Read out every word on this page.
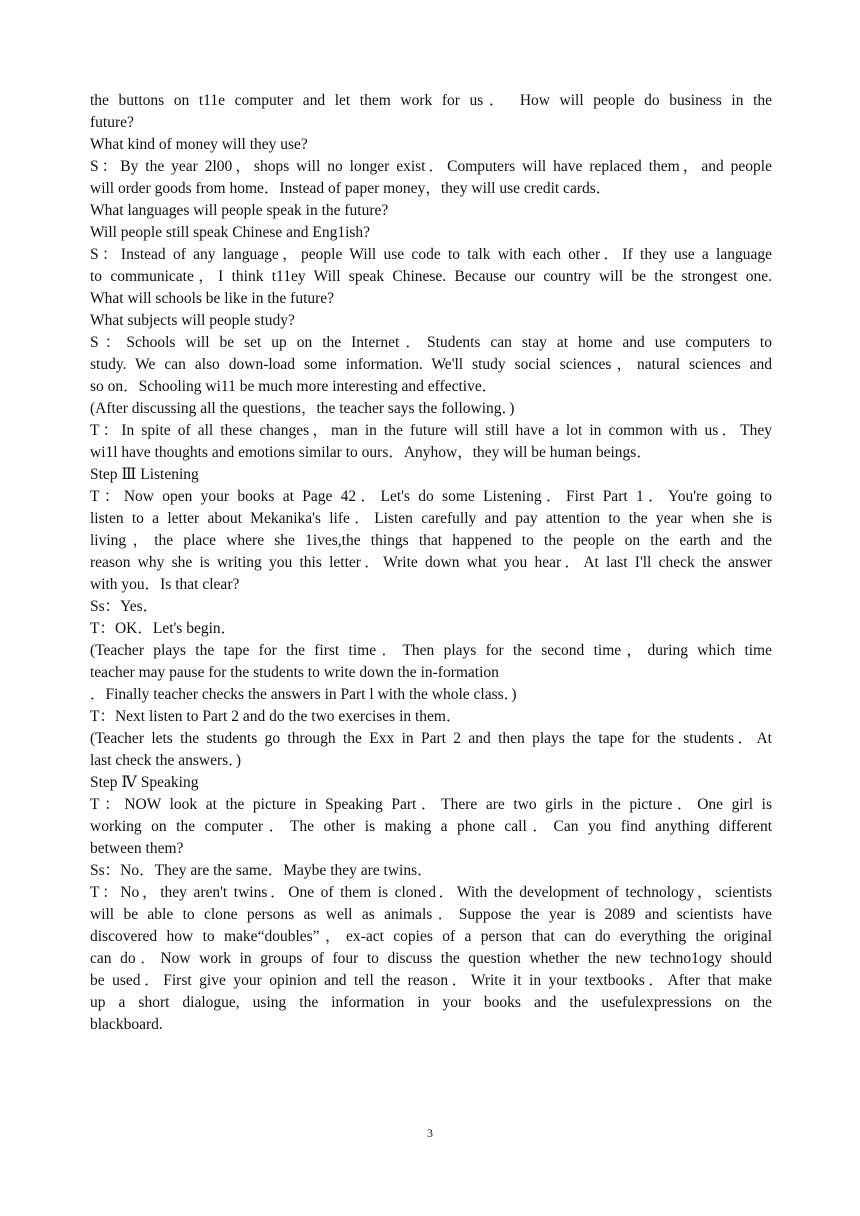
the buttons on t11e computer and let them work for us． How will people do business in the
future?
What kind of money will they use?
S：By the year 2l00，shops will no longer exist．Computers will have replaced them，and people
will order goods from home．Instead of paper money，they will use credit cards．
What languages will people speak in the future?
Will people still speak Chinese and Eng1ish?
S：Instead of any language，people Will use code to talk with each other．If they use a language
to communicate，I think t11ey Will speak Chinese. Because our country will be the strongest one.
What will schools be like in the future?
What subjects will people study?
S：Schools will be set up on the Internet．Students can stay at home and use computers to
study. We can also down-load some information. We'll study social sciences，natural sciences and
so on．Schooling wi11 be much more interesting and effective．
(After discussing all the questions，the teacher says the following．)
T：In spite of all these changes，man in the future will still have a lot in common with us．They
wi1l have thoughts and emotions similar to ours．Anyhow，they will be human beings．
Step Ⅲ Listening
T：Now open your books at Page 42．Let's do some Listening．First Part 1．You're going to
listen to a letter about Mekanika's life．Listen carefully and pay attention to the year when she is
living，the place where she 1ives,the things that happened to the people on the earth and the
reason why she is writing you this letter．Write down what you hear．At last I'll check the answer
with you．Is that clear?
Ss：Yes．
T：OK．Let's begin．
(Teacher plays the tape for the first time．Then plays for the second time，during which time
teacher may pause for the students to write down the in-formation
．Finally teacher checks the answers in Part l with the whole class．)
T：Next listen to Part 2 and do the two exercises in them．
(Teacher lets the students go through the Exx in Part 2 and then plays the tape for the students．At
last check the answers．)
Step Ⅳ Speaking
T：NOW look at the picture in Speaking Part．There are two girls in the picture．One girl is
working on the computer．The other is making a phone call．Can you find anything different
between them?
Ss：No．They are the same．Maybe they are twins．
T：No，they aren't twins．One of them is cloned．With the development of technology，scientists
will be able to clone persons as well as animals．Suppose the year is 2089 and scientists have
discovered how to make“doubles”，ex-act copies of a person that can do everything the original
can do．Now work in groups of four to discuss the question whether the new techno1ogy should
be used．First give your opinion and tell the reason．Write it in your textbooks．After that make
up a short dialogue, using the information in your books and the usefulexpressions on the
blackboard.
3
